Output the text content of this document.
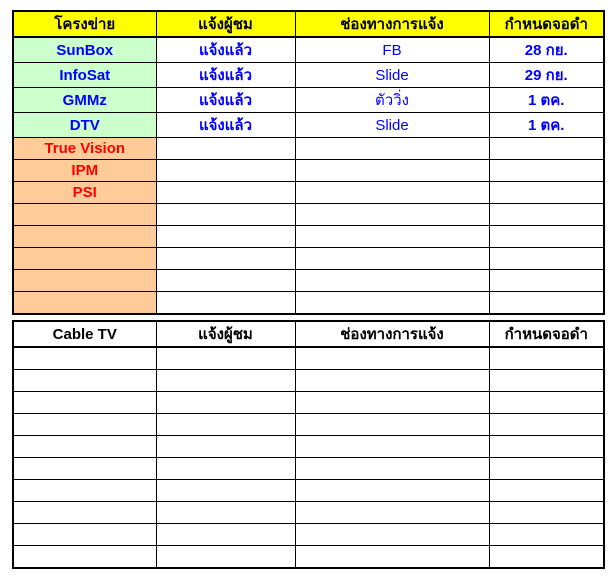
โครงข่าย	แจ้งผู้ชม	ช่องทางการแจ้ง	กำหนดจอดำ
SunBox	แจ้งแล้ว	FB	28 กย.
InfoSat	แจ้งแล้ว	Slide	29 กย.
GMMz	แจ้งแล้ว	ตัววิ่ง	1 ตค.
DTV	แจ้งแล้ว	Slide	1 ตค.
True Vision			
IPM			
PSI			

Cable TV	แจ้งผู้ชม	ช่องทางการแจ้ง	กำหนดจอดำ
